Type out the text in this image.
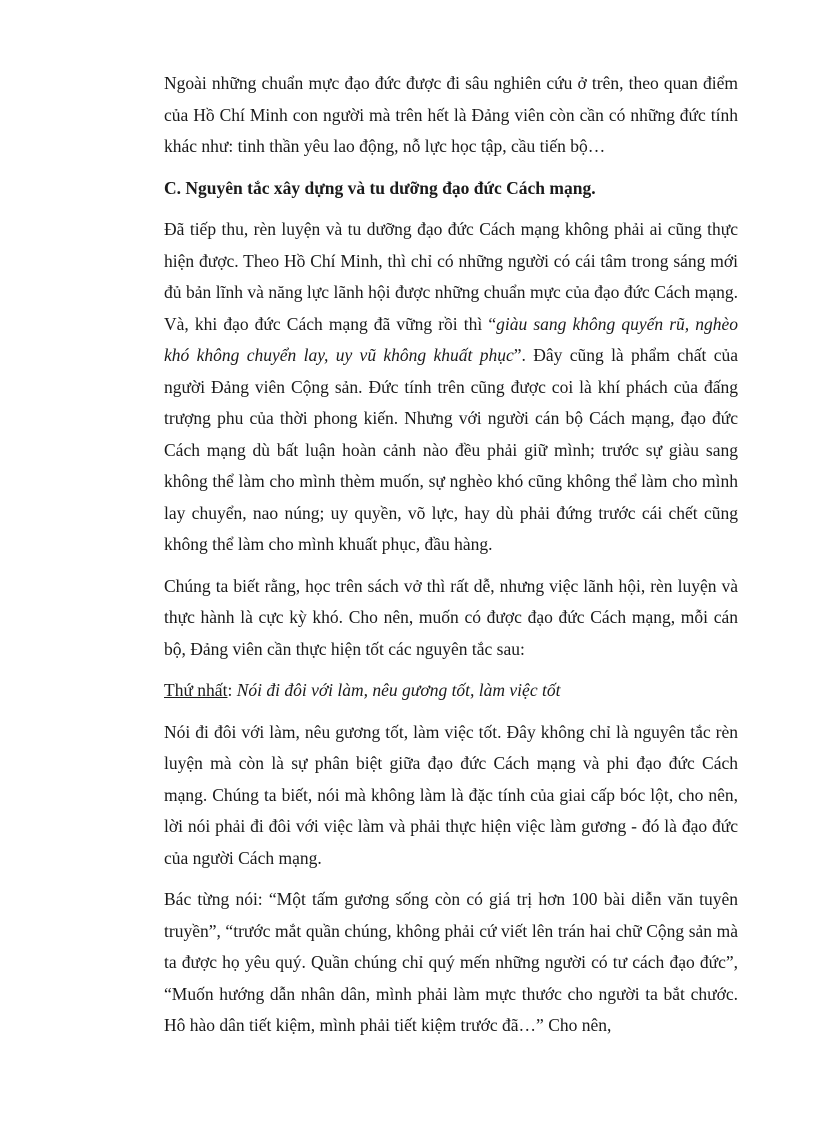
Ngoài những chuẩn mực đạo đức được đi sâu nghiên cứu ở trên, theo quan điểm của Hồ Chí Minh con người mà trên hết là Đảng viên còn cần có những đức tính khác như: tinh thần yêu lao động, nỗ lực học tập, cầu tiến bộ…

C. Nguyên tắc xây dựng và tu dưỡng đạo đức Cách mạng.

Đã tiếp thu, rèn luyện và tu dưỡng đạo đức Cách mạng không phải ai cũng thực hiện được. Theo Hồ Chí Minh, thì chỉ có những người có cái tâm trong sáng mới đủ bản lĩnh và năng lực lãnh hội được những chuẩn mực của đạo đức Cách mạng. Và, khi đạo đức Cách mạng đã vững rồi thì “giàu sang không quyến rũ, nghèo khó không chuyển lay, uy vũ không khuất phục”. Đây cũng là phẩm chất của người Đảng viên Cộng sản. Đức tính trên cũng được coi là khí phách của đấng trượng phu của thời phong kiến. Nhưng với người cán bộ Cách mạng, đạo đức Cách mạng dù bất luận hoàn cảnh nào đều phải giữ mình; trước sự giàu sang không thể làm cho mình thèm muốn, sự nghèo khó cũng không thể làm cho mình lay chuyển, nao núng; uy quyền, võ lực, hay dù phải đứng trước cái chết cũng không thể làm cho mình khuất phục, đầu hàng.

Chúng ta biết rằng, học trên sách vở thì rất dễ, nhưng việc lãnh hội, rèn luyện và thực hành là cực kỳ khó. Cho nên, muốn có được đạo đức Cách mạng, mỗi cán bộ, Đảng viên cần thực hiện tốt các nguyên tắc sau:

Thứ nhất: Nói đi đôi với làm, nêu gương tốt, làm việc tốt

Nói đi đôi với làm, nêu gương tốt, làm việc tốt. Đây không chỉ là nguyên tắc rèn luyện mà còn là sự phân biệt giữa đạo đức Cách mạng và phi đạo đức Cách mạng. Chúng ta biết, nói mà không làm là đặc tính của giai cấp bóc lột, cho nên, lời nói phải đi đôi với việc làm và phải thực hiện việc làm gương - đó là đạo đức của người Cách mạng.

Bác từng nói: “Một tấm gương sống còn có giá trị hơn 100 bài diễn văn tuyên truyền”, “trước mắt quần chúng, không phải cứ viết lên trán hai chữ Cộng sản mà ta được họ yêu quý. Quần chúng chỉ quý mến những người có tư cách đạo đức”, “Muốn hướng dẫn nhân dân, mình phải làm mực thước cho người ta bắt chước. Hô hào dân tiết kiệm, mình phải tiết kiệm trước đã…” Cho nên,
